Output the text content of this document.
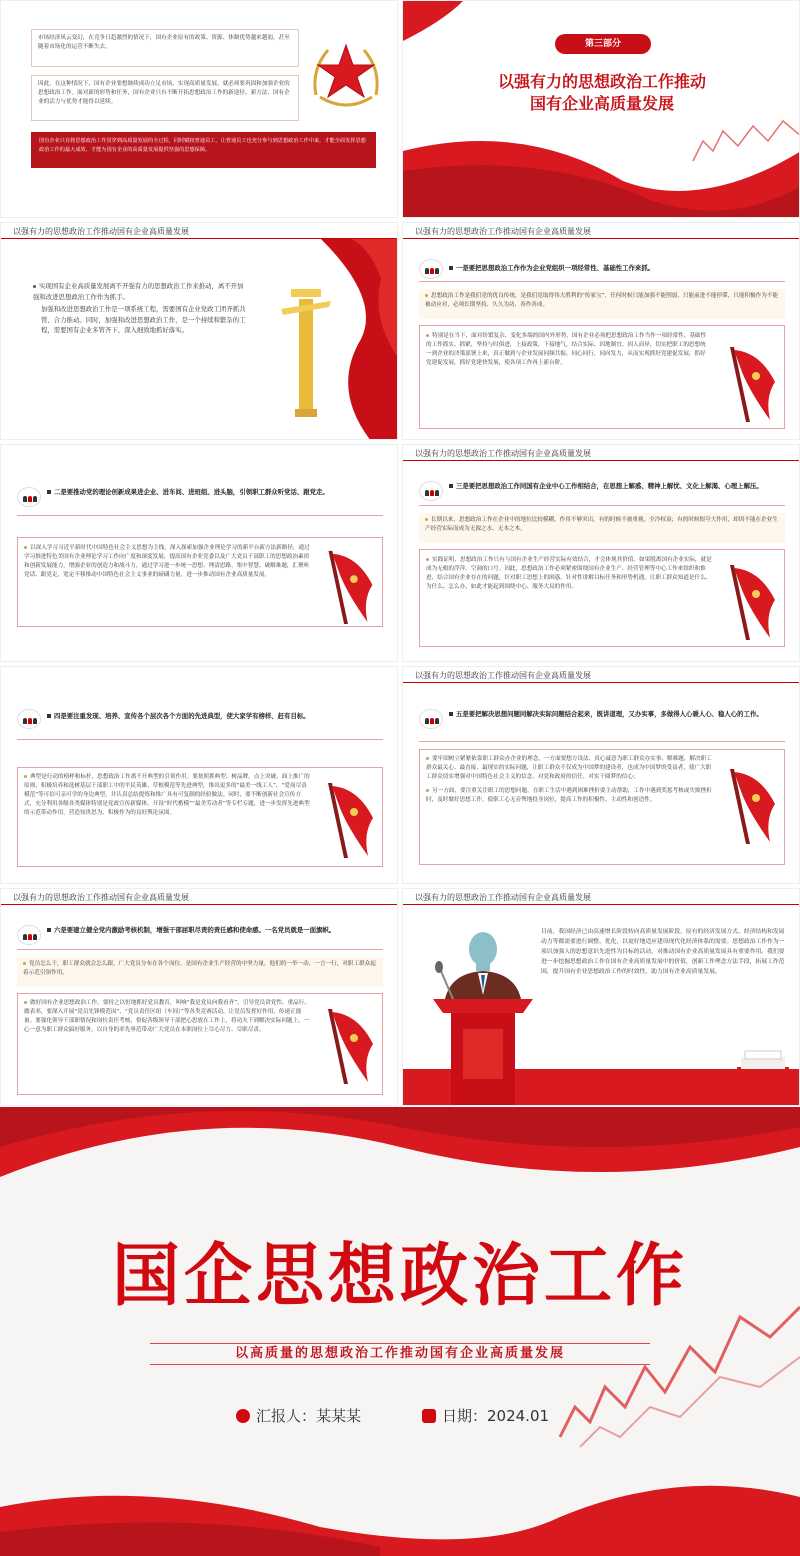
市场经济风云变幻，在竞争日趋激烈的情况下，国有企业原有的政策、资源、体制优势越来越弱，甚至随着市场化的运营不断失去。
因此，在这种情况下，国有企业要想继续成功立足市场，实现高质量发展，就必须要巩固和加强企业的思想政治工作。面对新的形势和任务，国有企业只有不断开拓思想政治工作的新途径、新方法，国有企业的活力与优势才能得以延续。
国有企业只有将思想政治工作贯穿到高质量发展的全过程，同时赋权普通员工，让普通员工也充分参与到思想政治工作中来，才能全面发挥思想政治工作的最大成效，才能为国有企业的高质量发展提供坚强的思想保障。
第三部分
以强有力的思想政治工作推动
国有企业高质量发展
以强有力的思想政治工作推动国有企业高质量发展
实现国有企业高质量发展离不开强有力的思想政治工作来推动，离不开加强和改进思想政治工作作为抓手。
加强和改进思想政治工作是一项系统工程，需要国有企业党政工团齐抓共管、合力推动。同时，加强和改进思想政治工作，是一个持续和繁杂的工程，需要国有企业多管齐下、深入细致地抓好落实。
以强有力的思想政治工作推动国有企业高质量发展
一是要把思想政治工作作为企业党组织一项经常性、基础性工作来抓。
思想政治工作是我们党的优良传统，是我们党取得伟大胜利的“传家宝”，任何时候只能加强不能削弱，只能前进不能停滞，只能积极作为不能被动应对，必须长期坚持、久久为功、善作善成。
特别是在当下，面对纷繁复杂、变化多端的国内外形势，国有企业必须把思想政治工作当作一项经常性、基础性的工作抓实、抓紧，坚持与时俱进，上接政策，下接地气，结合实际、因地制宜、因人而异，切实把职工的思想统一到企业的决策部署上来，真正做到与企业发展同频共振、同心同行，同向发力，从而实现抓好党建促发展，抓好党建促发展，抓好党建快发展，使各项工作再上新台阶。
二是要推动党的理论创新成果进企业、进车间、进班组、进头脑，引领职工群众听党话、跟党走。
以深入学习习近平新时代中国特色社会主义思想为主线，深入探索加强企业理论学习的新平台新方法新路径，通过学习推进特色美国有企业理论学习工作向广度和深度发展，提高国有企业党委以及广大党员干部职工的思想政治素质和创新发展能力，增强企业的创造力和战斗力，通过学习进一步统一思想、理清思路、集中智慧、破解难题，汇聚听党话、跟党走，宽定不移推动中国特色社会主义事业的磅礴力量，进一步推动国有企业高质量发展。
以强有力的思想政治工作推动国有企业高质量发展
三是要把思想政治工作同国有企业中心工作相结合，在思想上解惑、精神上解忧、文化上解渴、心理上解压。
长期以来，思想政治工作在企业中的地位比较模糊，作用不够突出。有的时候不被重视，全冷权衰；有的时候恨夸大作用，却因不能在企业生产经营实际而成为无源之水、无本之木。
实践证明，思想政治工作只有与国有企业生产经营实际有效结合，才会体现其价值。如果脱离国有企业实际，就是成为无根的浮萍、空洞的口号。因此，思想政治工作必须紧密围绕国有企业生产、经营管理等中心工作来组织和推进，结合国有企业存在的问题，针对职工思想上的困惑，针对性讲解目标任务和形势机遇，让职工群众知道是什么、为什么、怎么办，如此才能起到围绕中心、服务大局的作用。
四是要注重发现、培养、宣传各个层次各个方面的先进典型，使大家学有榜样、赶有目标。
典型是行动的榜样和标杆，思想政治工作离不开典型的引领作用。要按照抓典型、树品牌，点上突破、面上推广的原则，积极培养和选树基层干部职工中的平民英雄、草根模范等先进典型，推出更多的“最美一线工人”、“爱岗尽责模范”等可信可亲可学的身边典型，并认真总结提炼和推广具有可复制的经验做法。同时，要不断创新社会宣传方式，充分利用各级各类媒体特别是党政宣传新媒体，开设“时代楷模”“最美劳动者”等专栏专题，进一步发挥先进典型的示范带动作用，营造知贵思为、积极作为的良好舆论氛围。
以强有力的思想政治工作推动国有企业高质量发展
五是要把解决思想问题同解决实际问题结合起来，既讲道理，又办实事，多做得人心暖人心、稳人心的工作。
要牢固树立紧紧依靠职工群众办企业的理念，一方面要想方设法、真心诚意为职工群众办实事、解难题，解决职工群众最关心、最直接、最现实的实际问题，让职工群众不仅成为中国梦的建设者，也成为中国梦的受益者，使广大职工群众切实增强对中国特色社会主义的信念，对党和政府的信任、对实干圆梦的信心；
另一方面，要注重关注职工的思想问题，在职工生活中遇到困难挫折要主动帮助，工作中遇到奖惩考核或失败挫折时，及时做好思想工作，使职工心无旁骛地投身岗位，提高工作的积极性、主动性和创造性。
以强有力的思想政治工作推动国有企业高质量发展
六是要建立健全党内激励考核机制，增强干部屈职尽责的责任感和使命感。一名党员就是一面旗帜。
党员怎么干，职工群众就会怎么跟。广大党员分布在各个岗位，是国有企业生产经营的中坚力量，他们的一举一动、一言一行，对职工群众起着示范引领作用。
做好国有企业思想政治工作，要持之以恒地抓好党员教育，叫响“我是党员向我看齐”，引导党员讲党性、重品行、做表率，要深入开展“党员先锋模范岗”、“党员责任区组（车间）”等各类竞赛活动，让党员发挥好作用，传递正能量。要强化领导干部职情况和岗位责任考核，督促各级领导干部把心思放在工作上，将功夫下到解决实际问题上，一心一意为职工群众搞好服务，以自身的率先垂范带动广大党员在本职岗位上尽心尽力、尽职尽责。
以强有力的思想政治工作推动国有企业高质量发展
目前，我国经济已由高速增长阶段转向高质量发展阶段，原有的经济发展方式、经济结构和发展动力等都需要进行调整、优化，以更好地适应建设现代化经济体系的需要。思想政治工作作为一项以加强人的思想意识先进性为目标的活动，对推动国有企业高质量发展具有重要作用。我们要进一步挖掘思想政治工作在国有企业高质量发展中的价值，创新工作理念方法手段，拓展工作范围，提升国有企业思想政治工作的时效性，助力国有企业高质量发展。
国企思想政治工作
以高质量的思想政治工作推动国有企业高质量发展
汇报人：某某某	日期：2024.01
